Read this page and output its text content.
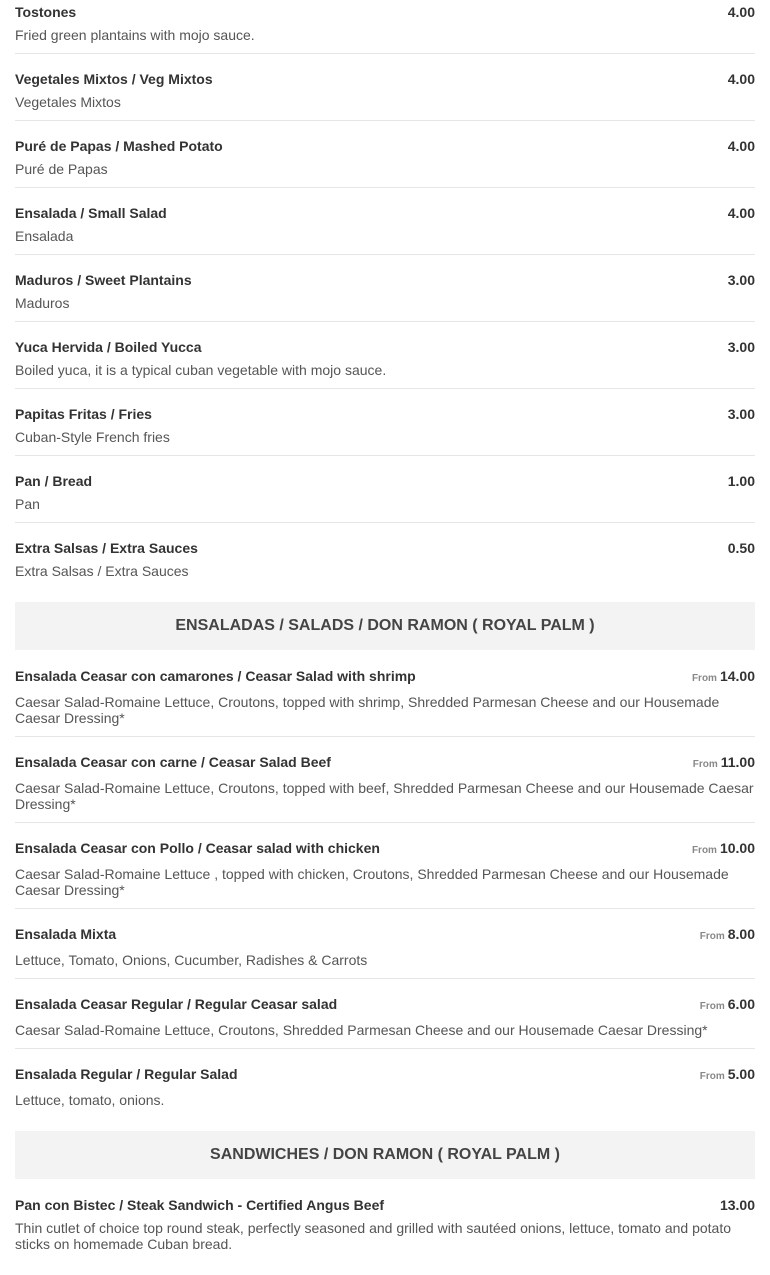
Tostones	4.00
Fried green plantains with mojo sauce.
Vegetales Mixtos / Veg Mixtos	4.00
Vegetales Mixtos
Puré de Papas / Mashed Potato	4.00
Puré de Papas
Ensalada / Small Salad	4.00
Ensalada
Maduros / Sweet Plantains	3.00
Maduros
Yuca Hervida / Boiled Yucca	3.00
Boiled yuca, it is a typical cuban vegetable with mojo sauce.
Papitas Fritas / Fries	3.00
Cuban-Style French fries
Pan / Bread	1.00
Pan
Extra Salsas / Extra Sauces	0.50
Extra Salsas / Extra Sauces
ENSALADAS / SALADS / DON RAMON ( ROYAL PALM )
Ensalada Ceasar con camarones / Ceasar Salad with shrimp	From 14.00
Caesar Salad-Romaine Lettuce, Croutons, topped with shrimp, Shredded Parmesan Cheese and our Housemade Caesar Dressing*
Ensalada Ceasar con carne / Ceasar Salad Beef	From 11.00
Caesar Salad-Romaine Lettuce, Croutons, topped with beef, Shredded Parmesan Cheese and our Housemade Caesar Dressing*
Ensalada Ceasar con Pollo / Ceasar salad with chicken	From 10.00
Caesar Salad-Romaine Lettuce , topped with chicken, Croutons, Shredded Parmesan Cheese and our Housemade Caesar Dressing*
Ensalada Mixta	From 8.00
Lettuce, Tomato, Onions, Cucumber, Radishes & Carrots
Ensalada Ceasar Regular / Regular Ceasar salad	From 6.00
Caesar Salad-Romaine Lettuce, Croutons, Shredded Parmesan Cheese and our Housemade Caesar Dressing*
Ensalada Regular / Regular Salad	From 5.00
Lettuce, tomato, onions.
SANDWICHES / DON RAMON ( ROYAL PALM )
Pan con Bistec / Steak Sandwich - Certified Angus Beef	13.00
Thin cutlet of choice top round steak, perfectly seasoned and grilled with sautéed onions, lettuce, tomato and potato sticks on homemade Cuban bread.
